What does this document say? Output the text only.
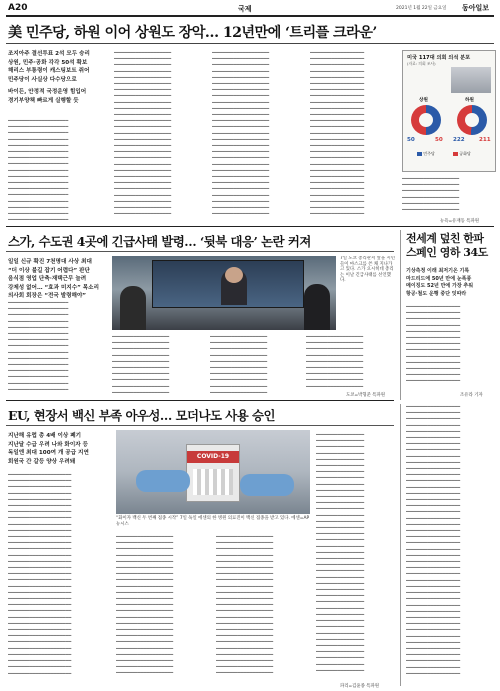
A20	국제	2021년 1월 22일 금요일 동아일보
美 민주당, 하원 이어 상원도 장악… 12년만에 ‘트리플 크라운’
조지아주 결선투표 2석 모두 승리
상원, 민주·공화 각각 50석 확보
해리스 부통령이 캐스팅보트 쥐어
민주당이 사실상 다수당으로
바이든, 안정적 국정운영 힘입어
경기부양책 빠르게 실행할 듯
━━━━━━━━━━━━━━━━━━━━
━━━━━━━━━━━━━━━━━━━━
━━━━━━━━━━━━━━━━━━━━
━━━━━━━━━━━━━━━━━━━━
━━━━━━━━━━━━━━━━━━━━
━━━━━━━━━━━━━━━━━━━━
━━━━━━━━━━━━━━━━━━━━
━━━━━━━━━━━━━━━━━━━━
━━━━━━━━━━━━━━━━━━━━
━━━━━━━━━━━━━━━━━━━━
━━━━━━━━━━━━━━━━━━━━
━━━━━━━━━━━━━━━━━━━━
━━━━━━━━━━━━━━━━━━━━
━━━━━━━━━━━━━━━━━━━━
━━━━━━━━━━━━━━━━━━━━
━━━━━━━━━━━━━━━━━━━━
━━━━━━━━━━━━━━━━━━━━
━━━━━━━━━━━━━━━━━━━
━━━━━━━━━━━━━━━━━━━
━━━━━━━━━━━━━━━━━━━
━━━━━━━━━━━━━━━━━━━
━━━━━━━━━━━━━━━━━━━
━━━━━━━━━━━━━━━━━━━
━━━━━━━━━━━━━━━━━━━
━━━━━━━━━━━━━━━━━━━
━━━━━━━━━━━━━━━━━━━
━━━━━━━━━━━━━━━━━━━
━━━━━━━━━━━━━━━━━━━
━━━━━━━━━━━━━━━━━━━
━━━━━━━━━━━━━━━━━━━
━━━━━━━━━━━━━━━━━━━
━━━━━━━━━━━━━━━━━━━
━━━━━━━━━━━━━━━━━━━
━━━━━━━━━━━━━━━━━━━
━━━━━━━━━━━━━━━━━━━
━━━━━━━━━━━━━━━━━━━
━━━━━━━━━━━━━━━━━━━
━━━━━━━━━━━━━━━━━━━
━━━━━━━━━━━━━━━━━━━
━━━━━━━━━━━━━━━━━━━
━━━━━━━━━━━━━━━━━━━
━━━━━━━━━━━━━━━━━━━
━━━━━━━━━━━━━━━━━━━
━━━━━━━━━━━━━━━━━━━
━━━━━━━━━━━━━━━━━━━
━━━━━━━━━━━━━━━━━━━
━━━━━━━━━━━━━━━━━━━
━━━━━━━━━━━━━━━━━━━
━━━━━━━━━━━━━━━━━━━
━━━━━━━━━━━━━━━━━━━
━━━━━━━━━━━━━━━━━━━
━━━━━━━━━━━━━━━━━━━
━━━━━━━━━━━━━━━━━━━
━━━━━━━━━━━━━━━━━━━
━━━━━━━━━━━━━━━━━━━
━━━━━━━━━━━━━━━━━━━
━━━━━━━━━━━━━━━━━━━
━━━━━━━━━━━━━━━━━━━
━━━━━━━━━━━━━━━━━━━
━━━━━━━━━━━━━━━━━━━
━━━━━━━━━━━━━━━━━━━
━━━━━━━━━━━━━━━━━━━
━━━━━━━━━━━━━━━━━━━
━━━━━━━━━━━━━━━━━━━
━━━━━━━━━━━━━━━━━━━
━━━━━━━━━━━━━━━━━━━
━━━━━━━━━━━━━━━━━━━
━━━━━━━━━━━━━━━━━━━
━━━━━━━━━━━━━━━━━━━
━━━━━━━━━━━━━━━━━━━
━━━━━━━━━━━━━━━━━━━
━━━━━━━━━━━━━━━━━━
━━━━━━━━━━━━━━━━━━
━━━━━━━━━━━━━━━━━━
━━━━━━━━━━━━━━━━━━
━━━━━━━━━━━━━━━━━━
━━━━━━━━━━━━━━━━━━
━━━━━━━━━━━━━━━━━━
━━━━━━━━━━━━━━━━━━
━━━━━━━━━━━━━━━━━━
━━━━━━━━━━━━━━━━━━
━━━━━━━━━━━━━━━━━━
━━━━━━━━━━━━━━━━━━
━━━━━━━━━━━━━━━━━━
━━━━━━━━━━━━━━━━━━
━━━━━━━━━━━━━━━━━━
━━━━━━━━━━━━━━━━━━
━━━━━━━━━━━━━━━━━━
━━━━━━━━━━━━━━━━━━
━━━━━━━━━━━━━━━━━━
━━━━━━━━━━━━━━━━━━
━━━━━━━━━━━━━━━━━━
━━━━━━━━━━━━━━━━━━
━━━━━━━━━━━━━━━━━━
━━━━━━━━━━━━━━━━━━
━━━━━━━━━━━━━━━━━━
━━━━━━━━━━━━━━━━━━
━━━━━━━━━━━━━━━━━━
미국 117대 의회 의석 분포
(자료: 의회 조사)
상원
50	50
하원
222	211
민주당	공화당
━━━━━━━━━━━━━━━━━━━
━━━━━━━━━━━━━━━━━━━
━━━━━━━━━━━━━━━━━━━
━━━━━━━━━━━━━━━━━━━
━━━━━━━━━━━━━━━━━━━
━━━━━━━━━━━━━━━━━━━
뉴욕=유재동 특파원
스가, 수도권 4곳에 긴급사태 발령… ‘뒷북 대응’ 논란 커져
일일 신규 확진 7천명대 사상 최대
“더 이상 불길 잡기 어렵다” 판단
음식점 영업 단축·재택근무 늘려
강제성 없어… “효과 미지수” 목소리
의사회 회장은 “전국 발령해야”
7일 도쿄 총리관저 앞을 시민들이 마스크를 쓴 채 지나가고 있다. 스가 요시히데 총리는 이날 긴급사태를 선언했다.
━━━━━━━━━━━━━━━━━━━━
━━━━━━━━━━━━━━━━━━━━
━━━━━━━━━━━━━━━━━━━━
━━━━━━━━━━━━━━━━━━━━
━━━━━━━━━━━━━━━━━━━━
━━━━━━━━━━━━━━━━━━━━
━━━━━━━━━━━━━━━━━━━━
━━━━━━━━━━━━━━━━━━━━
━━━━━━━━━━━━━━━━━━━━
━━━━━━━━━━━━━━━━━━━━
━━━━━━━━━━━━━━━━━━━━
━━━━━━━━━━━━━━━━━━━━
━━━━━━━━━━━━━━━━━━━━
━━━━━━━━━━━━━━━━━━━━
━━━━━━━━━━━━━━━━━━━━
━━━━━━━━━━━━━━━━━━━
━━━━━━━━━━━━━━━━━━━
━━━━━━━━━━━━━━━━━━━
━━━━━━━━━━━━━━━━━━━
━━━━━━━━━━━━━━━━━━━
━━━━━━━━━━━━━━━━━━━
━━━━━━━━━━━━━━━━━━━
━━━━━━━━━━━━━━━━━━━
━━━━━━━━━━━━━━━━━━━
━━━━━━━━━━━━━━━━━━━
━━━━━━━━━━━━━━━━━━━
━━━━━━━━━━━━━━━━━━━
━━━━━━━━━━━━━━━━━━━
━━━━━━━━━━━━━━━━━━━
━━━━━━━━━━━━━━━━━━━
━━━━━━━━━━━━━━━━━━━
━━━━━━━━━━━━━━━━━━━
━━━━━━━━━━━━━━━━━━━
━━━━━━━━━━━━━━━━━━━
━━━━━━━━━━━━━━━━━━━
━━━━━━━━━━━━━━━━━━━
━━━━━━━━━━━━━━━━━━━
━━━━━━━━━━━━━━━━━━━
━━━━━━━━━━━━━━━━━━━
━━━━━━━━━━━━━━━━━━━
━━━━━━━━━━━━━━━━━━━
━━━━━━━━━━━━━━━━━━━
━━━━━━━━━━━━━━━━━━━
━━━━━━━━━━━━━━━━━━━
도쿄=박형준 특파원
전세계 덮친 한파 스페인 영하 34도
기상측정 이래 최저기온 기록
마드리드에 50년 만에 눈폭풍
메이징도 52년 만에 가장 추워
항공·철도 운행 중단 잇따라
━━━━━━━━━━━━━━━━━━
━━━━━━━━━━━━━━━━━━
━━━━━━━━━━━━━━━━━━
━━━━━━━━━━━━━━━━━━
━━━━━━━━━━━━━━━━━━
━━━━━━━━━━━━━━━━━━
━━━━━━━━━━━━━━━━━━
━━━━━━━━━━━━━━━━━━
━━━━━━━━━━━━━━━━━━
━━━━━━━━━━━━━━━━━━
━━━━━━━━━━━━━━━━━━
━━━━━━━━━━━━━━━━━━
━━━━━━━━━━━━━━━━━━
조유라 기자
EU, 현장서 백신 부족 아우성… 모더나도 사용 승인
지난해 유럽 총 4배 이상 폐기
지난달 수급 우려 나와 화이자 등
독일엔 최대 100여 개 공급 지연
회원국 간 갈등 양상 우려돼
COVID-19
“화이자 백신 두 번째 접종 시작” 7일 독일 에센의 한 병원 의료진이 백신 접종을 받고 있다. 에센=AP 뉴시스
━━━━━━━━━━━━━━━━━━━━━
━━━━━━━━━━━━━━━━━━━━━
━━━━━━━━━━━━━━━━━━━━━
━━━━━━━━━━━━━━━━━━━━━
━━━━━━━━━━━━━━━━━━━━━
━━━━━━━━━━━━━━━━━━━━━
━━━━━━━━━━━━━━━━━━━━━
━━━━━━━━━━━━━━━━━━━━━
━━━━━━━━━━━━━━━━━━━━━
━━━━━━━━━━━━━━━━━━━━━
━━━━━━━━━━━━━━━━━━━━━
━━━━━━━━━━━━━━━━━━━━━
━━━━━━━━━━━━━━━━━━━━━
━━━━━━━━━━━━━━━━━━━━━
━━━━━━━━━━━━━━━━━━━━━
━━━━━━━━━━━━━━━━━━━━━
━━━━━━━━━━━━━━━━━━━━━
━━━━━━━━━━━━━━━━━━━━━
━━━━━━━━━━━━━━━━━━━━━
━━━━━━━━━━━━━━━━━━━━━
━━━━━━━━━━━━━━━━━━━━━
━━━━━━━━━━━━━━━━━━━━━
━━━━━━━━━━━━━━━━━━━━━
━━━━━━━━━━━━━━━━━━━━━
━━━━━━━━━━━━━━━━━━━━━
━━━━━━━━━━━━━━━━━━━━━
━━━━━━━━━━━━━━━━━━━━━
━━━━━━━━━━━━━━━━━━━━━
━━━━━━━━━━━━━━━━━━━━━
━━━━━━━━━━━━━━━━━━━━━
━━━━━━━━━━━━━━━━━━━━━
━━━━━━━━━━━━━━━━━━━━━
━━━━━━━━━━━━━━━━━━━━━
━━━━━━━━━━━━━━━━━━━
━━━━━━━━━━━━━━━━━━━
━━━━━━━━━━━━━━━━━━━
━━━━━━━━━━━━━━━━━━━
━━━━━━━━━━━━━━━━━━━
━━━━━━━━━━━━━━━━━━━
━━━━━━━━━━━━━━━━━━━
━━━━━━━━━━━━━━━━━━━
━━━━━━━━━━━━━━━━━━━
━━━━━━━━━━━━━━━━━━━
━━━━━━━━━━━━━━━━━━━
━━━━━━━━━━━━━━━━━━━
━━━━━━━━━━━━━━━━━━━
━━━━━━━━━━━━━━━━━━━
━━━━━━━━━━━━━━━━━━━
━━━━━━━━━━━━━━━━━━━
━━━━━━━━━━━━━━━━━━━
━━━━━━━━━━━━━━━━━━━
━━━━━━━━━━━━━━━━━━━
━━━━━━━━━━━━━━━━━━━
━━━━━━━━━━━━━━━━━━━
━━━━━━━━━━━━━━━━━━━
━━━━━━━━━━━━━━━━━━━
━━━━━━━━━━━━━━━━━━━
━━━━━━━━━━━━━━━━━━━
━━━━━━━━━━━━━━━━━━━
━━━━━━━━━━━━━━━━━━━
━━━━━━━━━━━━━━━━━━━
━━━━━━━━━━━━━━━━━━━
━━━━━━━━━━━━━━━━━━━
━━━━━━━━━━━━━━━━━━━
━━━━━━━━━━━━━━━━━━━
━━━━━━━━━━━━━━━━━━━
━━━━━━━━━━━━━━━━━━━
━━━━━━━━━━━━━━━━━━━
━━━━━━━━━━━━━━━━━━━
━━━━━━━━━━━━━━━━━━━
━━━━━━━━━━━━━━━━━━━
━━━━━━━━━━━━━━━━━━━
━━━━━━━━━━━━━━━━━━━
━━━━━━━━━━━━━━━━━━━
━━━━━━━━━━━━━━━━━━━
━━━━━━━━━━━━━━━━━━━
━━━━━━━━━━━━━━━━━━━
━━━━━━━━━━━━━━━━━━━
━━━━━━━━━━━━━━━━━━━
━━━━━━━━━━━━━━━━
━━━━━━━━━━━━━━━━
━━━━━━━━━━━━━━━━
━━━━━━━━━━━━━━━━
━━━━━━━━━━━━━━━━
━━━━━━━━━━━━━━━━
━━━━━━━━━━━━━━━━
━━━━━━━━━━━━━━━━
━━━━━━━━━━━━━━━━
━━━━━━━━━━━━━━━━
━━━━━━━━━━━━━━━━
━━━━━━━━━━━━━━━━
━━━━━━━━━━━━━━━━
━━━━━━━━━━━━━━━━
━━━━━━━━━━━━━━━━
━━━━━━━━━━━━━━━━
━━━━━━━━━━━━━━━━
━━━━━━━━━━━━━━━━
━━━━━━━━━━━━━━━━
━━━━━━━━━━━━━━━━
━━━━━━━━━━━━━━━━
━━━━━━━━━━━━━━━━
━━━━━━━━━━━━━━━━
━━━━━━━━━━━━━━━━
━━━━━━━━━━━━━━━━
━━━━━━━━━━━━━━━━
━━━━━━━━━━━━━━━━
━━━━━━━━━━━━━━━━
━━━━━━━━━━━━━━━━
━━━━━━━━━━━━━━━━
━━━━━━━━━━━━━━━━
━━━━━━━━━━━━━━━━
━━━━━━━━━━━━━━━━
━━━━━━━━━━━━━━━━
━━━━━━━━━━━━━━━━
━━━━━━━━━━━━━━━━
━━━━━━━━━━━━━━━━
━━━━━━━━━━━━━━━━
━━━━━━━━━━━━━━━━
파리=김윤종 특파원
━━━━━━━━━━━━━━━━━━
━━━━━━━━━━━━━━━━━━
━━━━━━━━━━━━━━━━━━
━━━━━━━━━━━━━━━━━━
━━━━━━━━━━━━━━━━━━
━━━━━━━━━━━━━━━━━━
━━━━━━━━━━━━━━━━━━
━━━━━━━━━━━━━━━━━━
━━━━━━━━━━━━━━━━━━
━━━━━━━━━━━━━━━━━━
━━━━━━━━━━━━━━━━━━
━━━━━━━━━━━━━━━━━━
━━━━━━━━━━━━━━━━━━
━━━━━━━━━━━━━━━━━━
━━━━━━━━━━━━━━━━━━
━━━━━━━━━━━━━━━━━━
━━━━━━━━━━━━━━━━━━
━━━━━━━━━━━━━━━━━━
━━━━━━━━━━━━━━━━━━
━━━━━━━━━━━━━━━━━━
━━━━━━━━━━━━━━━━━━
━━━━━━━━━━━━━━━━━━
━━━━━━━━━━━━━━━━━━
━━━━━━━━━━━━━━━━━━
━━━━━━━━━━━━━━━━━━
━━━━━━━━━━━━━━━━━━
━━━━━━━━━━━━━━━━━━
━━━━━━━━━━━━━━━━━━
━━━━━━━━━━━━━━━━━━
━━━━━━━━━━━━━━━━━━
━━━━━━━━━━━━━━━━━━
━━━━━━━━━━━━━━━━━━
━━━━━━━━━━━━━━━━━━
━━━━━━━━━━━━━━━━━━
━━━━━━━━━━━━━━━━━━
━━━━━━━━━━━━━━━━━━
━━━━━━━━━━━━━━━━━━
━━━━━━━━━━━━━━━━━━
━━━━━━━━━━━━━━━━━━
━━━━━━━━━━━━━━━━━━
━━━━━━━━━━━━━━━━━━
━━━━━━━━━━━━━━━━━━
━━━━━━━━━━━━━━━━━━
━━━━━━━━━━━━━━━━━━
